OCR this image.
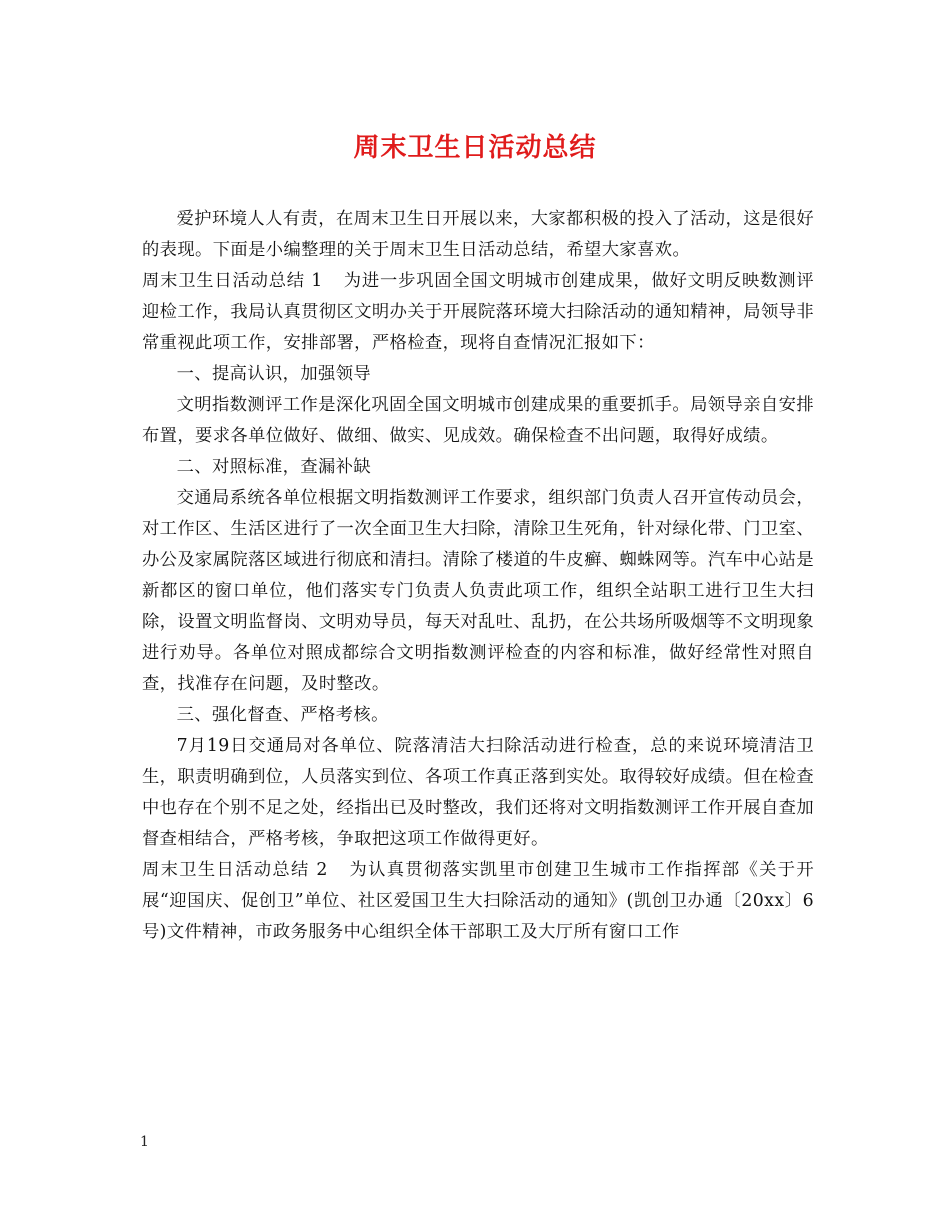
周末卫生日活动总结

爱护环境人人有责，在周末卫生日开展以来，大家都积极的投入了活动，这是很好的表现。下面是小编整理的关于周末卫生日活动总结，希望大家喜欢。

周末卫生日活动总结 1 为进一步巩固全国文明城市创建成果，做好文明反映数测评迎检工作，我局认真贯彻区文明办关于开展院落环境大扫除活动的通知精神，局领导非常重视此项工作，安排部署，严格检查，现将自查情况汇报如下：

一、提高认识，加强领导

文明指数测评工作是深化巩固全国文明城市创建成果的重要抓手。局领导亲自安排布置，要求各单位做好、做细、做实、见成效。确保检查不出问题，取得好成绩。

二、对照标准，查漏补缺

交通局系统各单位根据文明指数测评工作要求，组织部门负责人召开宣传动员会，对工作区、生活区进行了一次全面卫生大扫除，清除卫生死角，针对绿化带、门卫室、办公及家属院落区域进行彻底和清扫。清除了楼道的牛皮癣、蜘蛛网等。汽车中心站是新都区的窗口单位，他们落实专门负责人负责此项工作，组织全站职工进行卫生大扫除，设置文明监督岗、文明劝导员，每天对乱吐、乱扔，在公共场所吸烟等不文明现象进行劝导。各单位对照成都综合文明指数测评检查的内容和标准，做好经常性对照自查，找准存在问题，及时整改。

三、强化督查、严格考核。

7月19日交通局对各单位、院落清洁大扫除活动进行检查，总的来说环境清洁卫生，职责明确到位，人员落实到位、各项工作真正落到实处。取得较好成绩。但在检查中也存在个别不足之处，经指出已及时整改，我们还将对文明指数测评工作开展自查加督查相结合，严格考核，争取把这项工作做得更好。

周末卫生日活动总结 2 为认真贯彻落实凯里市创建卫生城市工作指挥部《关于开展“迎国庆、促创卫”单位、社区爱国卫生大扫除活动的通知》(凯创卫办通〔20xx〕6号)文件精神，市政务服务中心组织全体干部职工及大厅所有窗口工作

1
